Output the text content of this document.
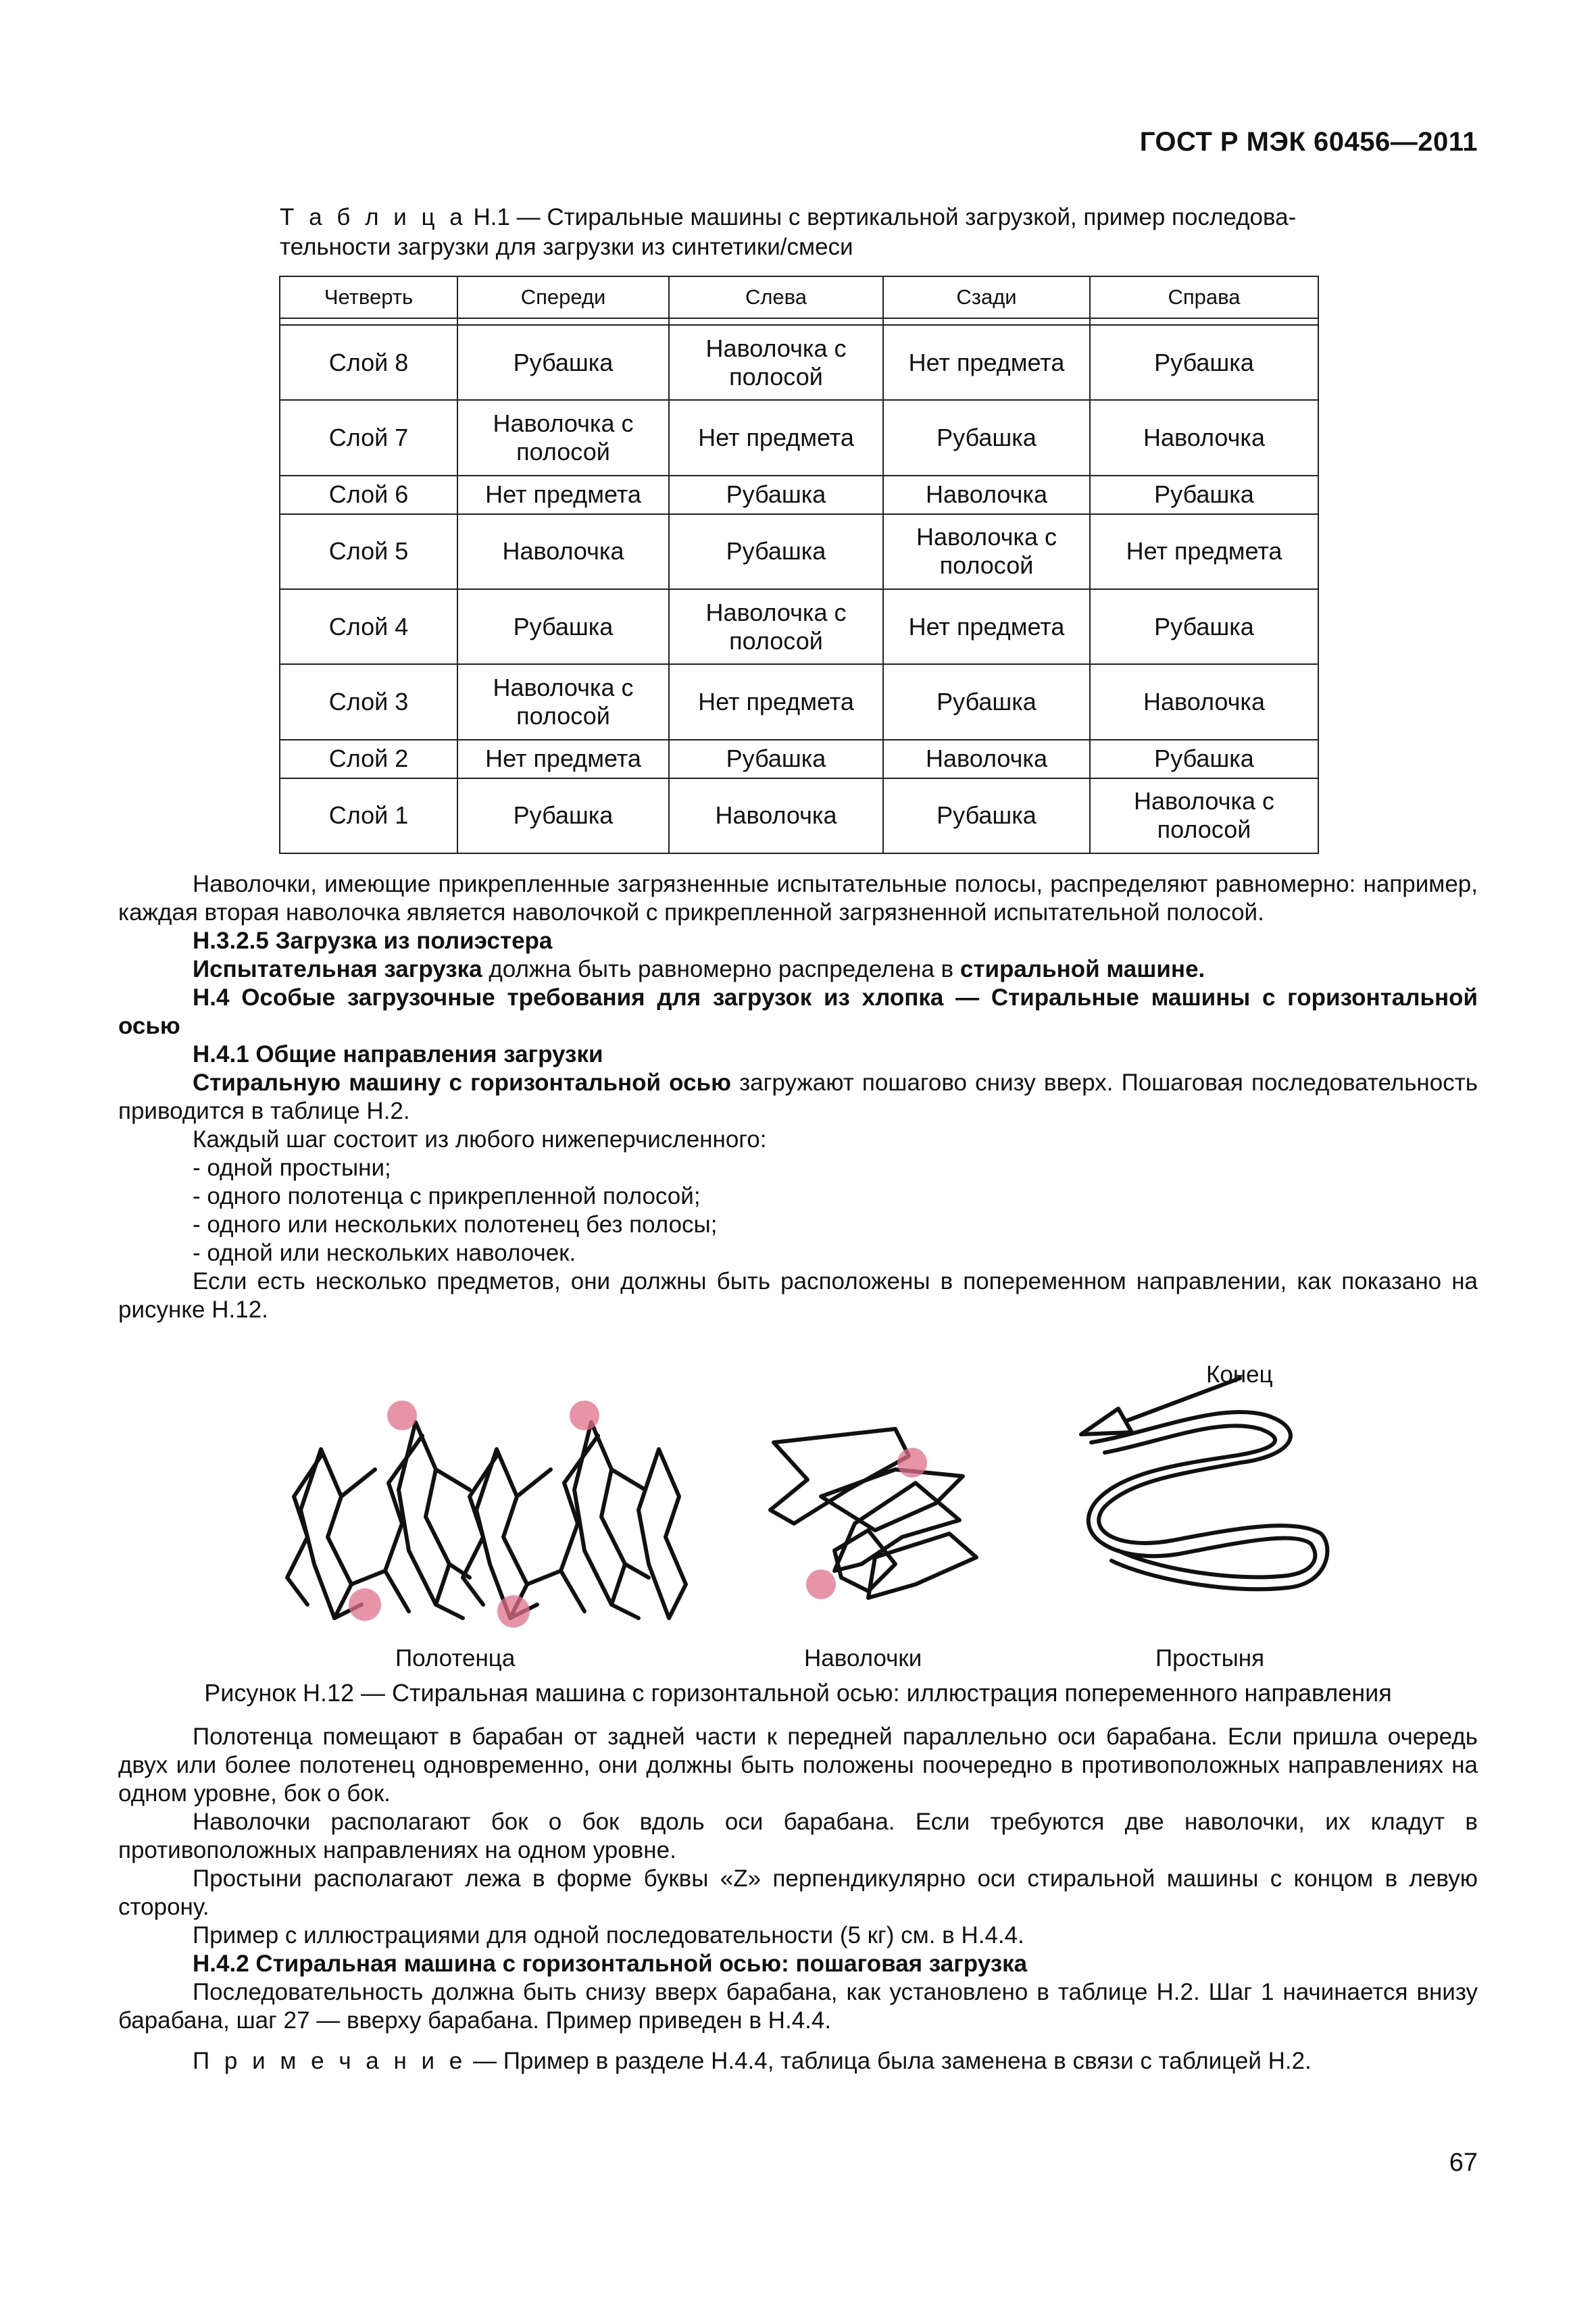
ГОСТ Р МЭК 60456—2011
Т а б л и ц а Н.1 — Стиральные машины с вертикальной загрузкой, пример последова-тельности загрузки для загрузки из синтетики/смеси
Четверть	Спереди	Слева	Сзади	Справа

Слой 8	Рубашка	Наволочка с полосой	Нет предмета	Рубашка
Слой 7	Наволочка с полосой	Нет предмета	Рубашка	Наволочка
Слой 6	Нет предмета	Рубашка	Наволочка	Рубашка
Слой 5	Наволочка	Рубашка	Наволочка с полосой	Нет предмета
Слой 4	Рубашка	Наволочка с полосой	Нет предмета	Рубашка
Слой 3	Наволочка с полосой	Нет предмета	Рубашка	Наволочка
Слой 2	Нет предмета	Рубашка	Наволочка	Рубашка
Слой 1	Рубашка	Наволочка	Рубашка	Наволочка с полосой

Наволочки, имеющие прикрепленные загрязненные испытательные полосы, распределяют равномерно: например, каждая вторая наволочка является наволочкой с прикрепленной загрязненной испытательной полосой.

Н.3.2.5 Загрузка из полиэстера

Испытательная загрузка должна быть равномерно распределена в стиральной машине.

Н.4 Особые загрузочные требования для загрузок из хлопка — Стиральные машины с горизонтальной осью

Н.4.1 Общие направления загрузки

Стиральную машину с горизонтальной осью загружают пошагово снизу вверх. Пошаговая последовательность приводится в таблице Н.2.

Каждый шаг состоит из любого нижеперчисленного:

- одной простыни;
- одного полотенца с прикрепленной полосой;
- одного или нескольких полотенец без полосы;
- одной или нескольких наволочек.

Если есть несколько предметов, они должны быть расположены в попеременном направлении, как показано на рисунке Н.12.

Конец
Полотенца	Наволочки	Простыня
Рисунок Н.12 — Стиральная машина с горизонтальной осью: иллюстрация попеременного направления

Полотенца помещают в барабан от задней части к передней параллельно оси барабана. Если пришла очередь двух или более полотенец одновременно, они должны быть положены поочередно в противоположных направлениях на одном уровне, бок о бок.

Наволочки располагают бок о бок вдоль оси барабана. Если требуются две наволочки, их кладут в противоположных направлениях на одном уровне.

Простыни располагают лежа в форме буквы «Z» перпендикулярно оси стиральной машины с концом в левую сторону.

Пример с иллюстрациями для одной последовательности (5 кг) см. в Н.4.4.

Н.4.2 Стиральная машина с горизонтальной осью: пошаговая загрузка

Последовательность должна быть снизу вверх барабана, как установлено в таблице Н.2. Шаг 1 начинается внизу барабана, шаг 27 — вверху барабана. Пример приведен в Н.4.4.

П р и м е ч а н и е — Пример в разделе Н.4.4, таблица была заменена в связи с таблицей Н.2.

67
